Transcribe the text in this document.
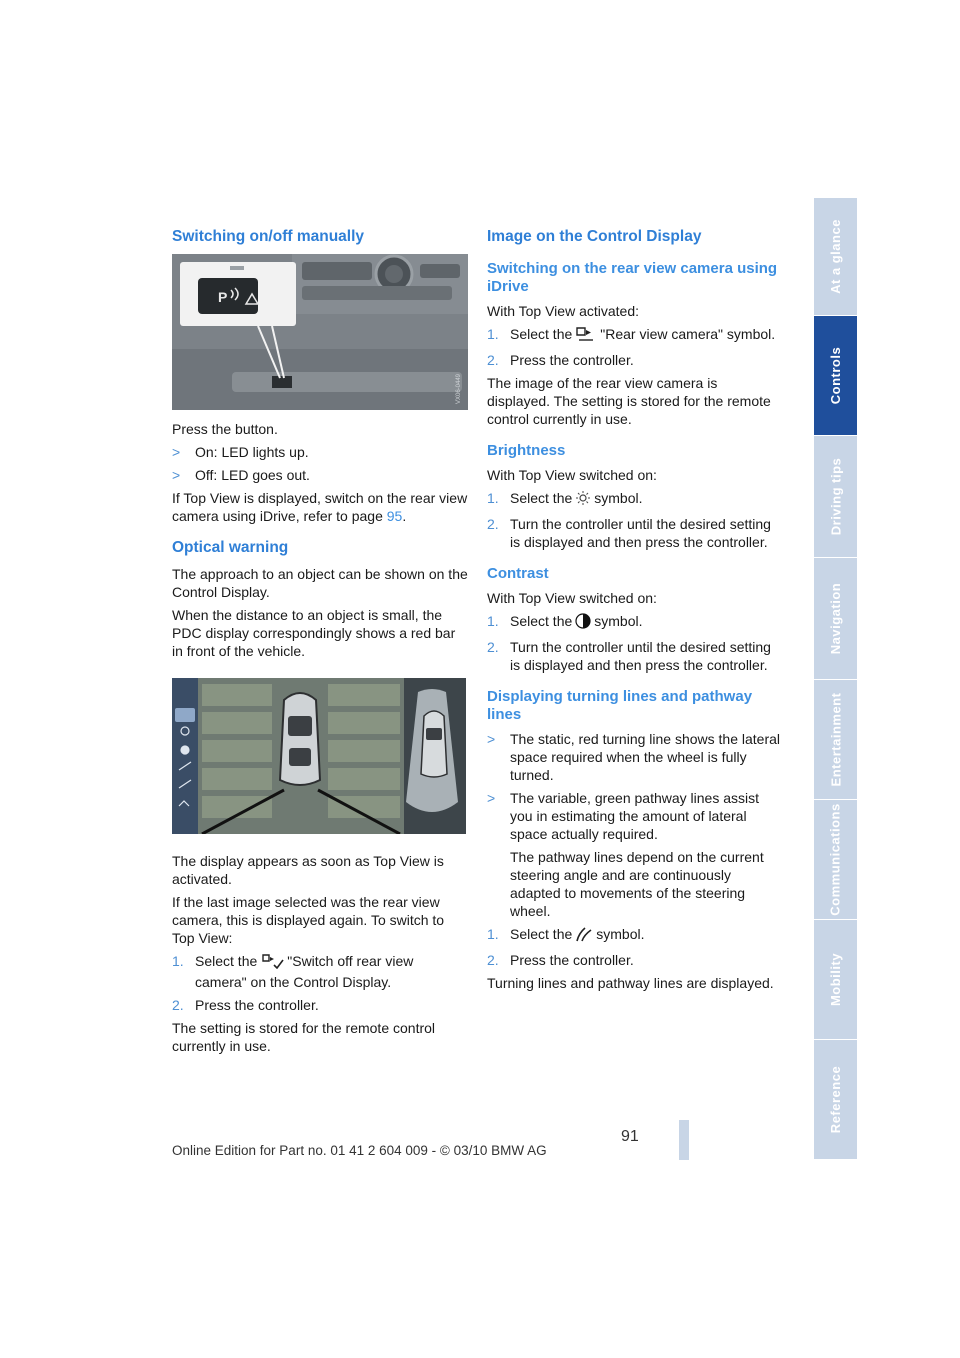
Switching on/off manually
P
VX06-0449

Press the button.

> On: LED lights up.
> Off: LED goes out.

If Top View is displayed, switch on the rear view camera using iDrive, refer to page 95.

Optical warning

The approach to an object can be shown on the Control Display.

When the distance to an object is small, the PDC display correspondingly shows a red bar in front of the vehicle.

The display appears as soon as Top View is activated.

If the last image selected was the rear view camera, this is displayed again. To switch to Top View:

1. Select the "Switch off rear view camera" on the Control Display.
2. Press the controller.

The setting is stored for the remote control currently in use.

Image on the Control Display
Switching on the rear view camera using iDrive

With Top View activated:

1. Select the "Rear view camera" symbol.
2. Press the controller.

The image of the rear view camera is displayed. The setting is stored for the remote control currently in use.

Brightness

With Top View switched on:

1. Select the symbol.
2. Turn the controller until the desired setting is displayed and then press the controller.
Contrast

With Top View switched on:

1. Select the symbol.
2. Turn the controller until the desired setting is displayed and then press the controller.
Displaying turning lines and pathway lines
> The static, red turning line shows the lateral space required when the wheel is fully turned.
> The variable, green pathway lines assist you in estimating the amount of lateral space actually required.
The pathway lines depend on the current steering angle and are continuously adapted to movements of the steering wheel.
1. Select the symbol.
2. Press the controller.

Turning lines and pathway lines are displayed.

At a glance
Controls
Driving tips
Navigation
Entertainment
Communications
Mobility
Reference
91
Online Edition for Part no. 01 41 2 604 009 - © 03/10 BMW AG
